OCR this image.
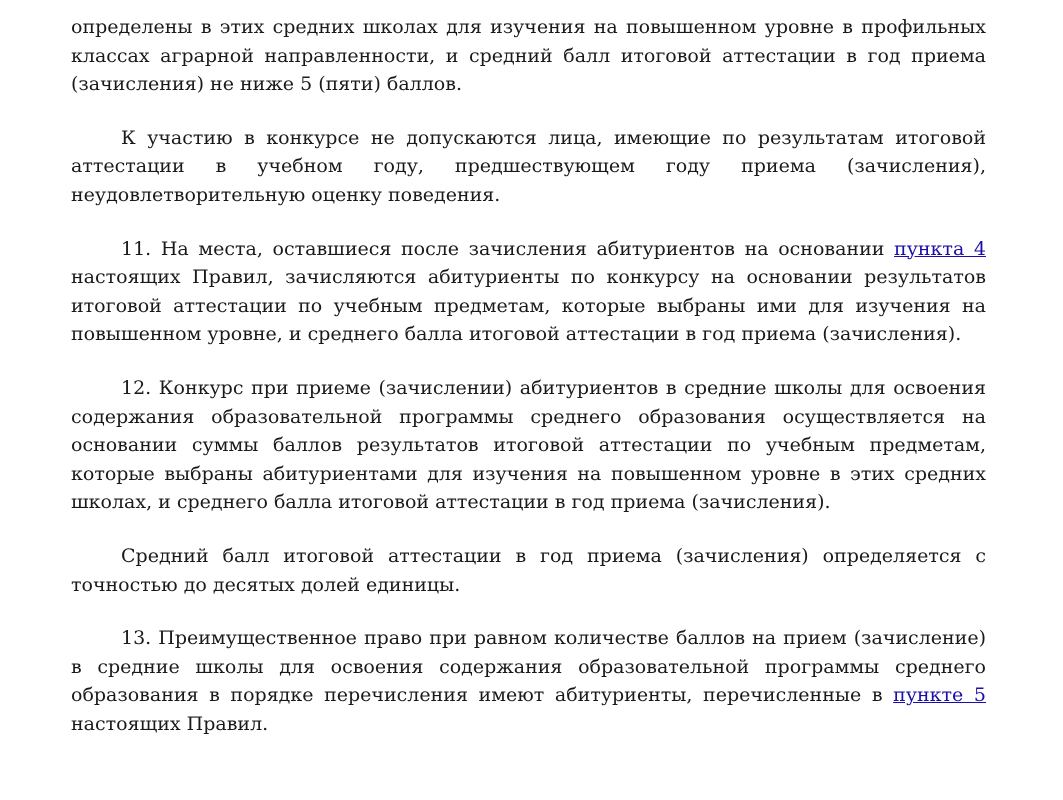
определены в этих средних школах для изучения на повышенном уровне в профильных классах аграрной направленности, и средний балл итоговой аттестации в год приема (зачисления) не ниже 5 (пяти) баллов.

К участию в конкурсе не допускаются лица, имеющие по результатам итоговой аттестации в учебном году, предшествующем году приема (зачисления), неудовлетворительную оценку поведения.

11. На места, оставшиеся после зачисления абитуриентов на основании пункта 4 настоящих Правил, зачисляются абитуриенты по конкурсу на основании результатов итоговой аттестации по учебным предметам, которые выбраны ими для изучения на повышенном уровне, и среднего балла итоговой аттестации в год приема (зачисления).

12. Конкурс при приеме (зачислении) абитуриентов в средние школы для освоения содержания образовательной программы среднего образования осуществляется на основании суммы баллов результатов итоговой аттестации по учебным предметам, которые выбраны абитуриентами для изучения на повышенном уровне в этих средних школах, и среднего балла итоговой аттестации в год приема (зачисления).

Средний балл итоговой аттестации в год приема (зачисления) определяется с точностью до десятых долей единицы.

13. Преимущественное право при равном количестве баллов на прием (зачисление) в средние школы для освоения содержания образовательной программы среднего образования в порядке перечисления имеют абитуриенты, перечисленные в пункте 5 настоящих Правил.
